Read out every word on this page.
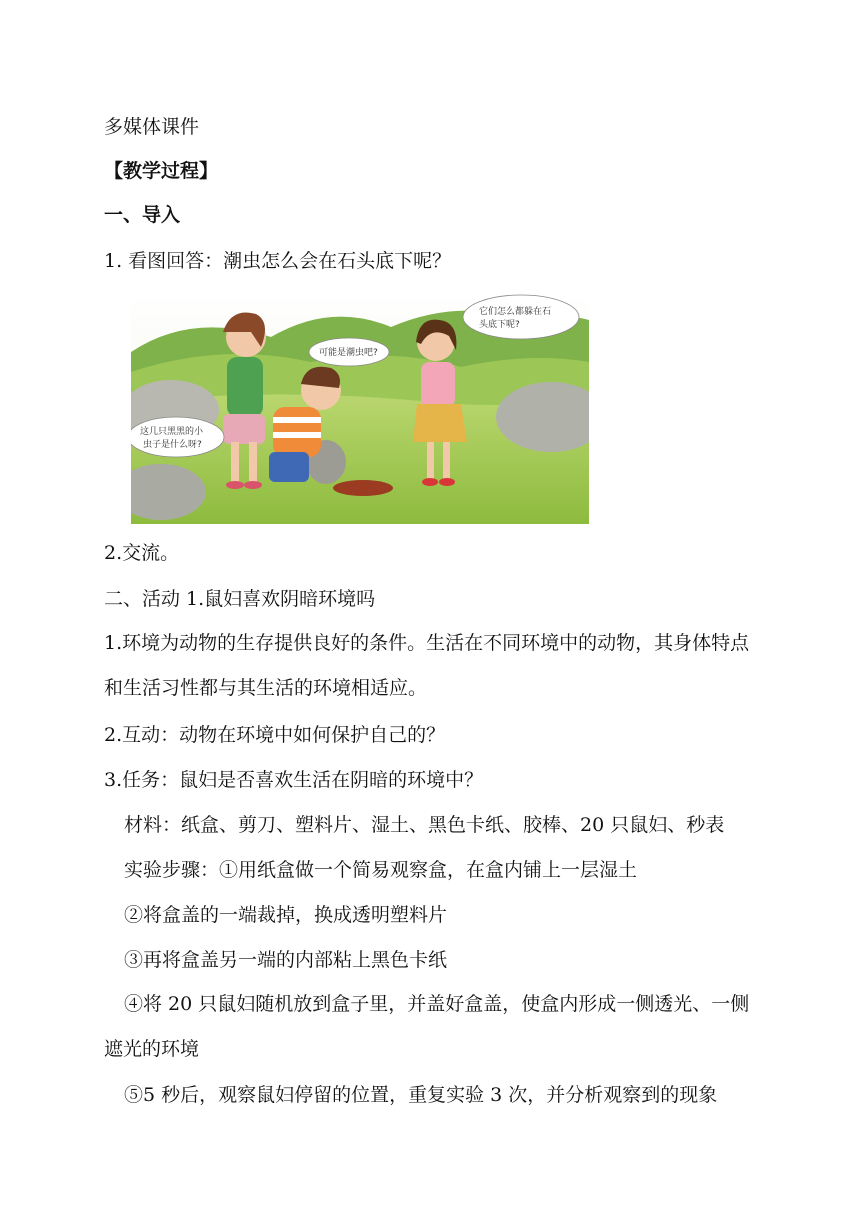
多媒体课件
【教学过程】
一、导入
1. 看图回答：潮虫怎么会在石头底下呢？
这几只黑黑的小
虫子是什么呀?
可能是潮虫吧?
它们怎么都躲在石
头底下呢?
2.交流。
二、活动 1.鼠妇喜欢阴暗环境吗
1.环境为动物的生存提供良好的条件。生活在不同环境中的动物，其身体特点和生活习性都与其生活的环境相适应。
2.互动：动物在环境中如何保护自己的？
3.任务：鼠妇是否喜欢生活在阴暗的环境中？
材料：纸盒、剪刀、塑料片、湿土、黑色卡纸、胶棒、20 只鼠妇、秒表
实验步骤：①用纸盒做一个简易观察盒，在盒内铺上一层湿土
②将盒盖的一端裁掉，换成透明塑料片
③再将盒盖另一端的内部粘上黑色卡纸
④将 20 只鼠妇随机放到盒子里，并盖好盒盖，使盒内形成一侧透光、一侧遮光的环境
⑤5 秒后，观察鼠妇停留的位置，重复实验 3 次，并分析观察到的现象
